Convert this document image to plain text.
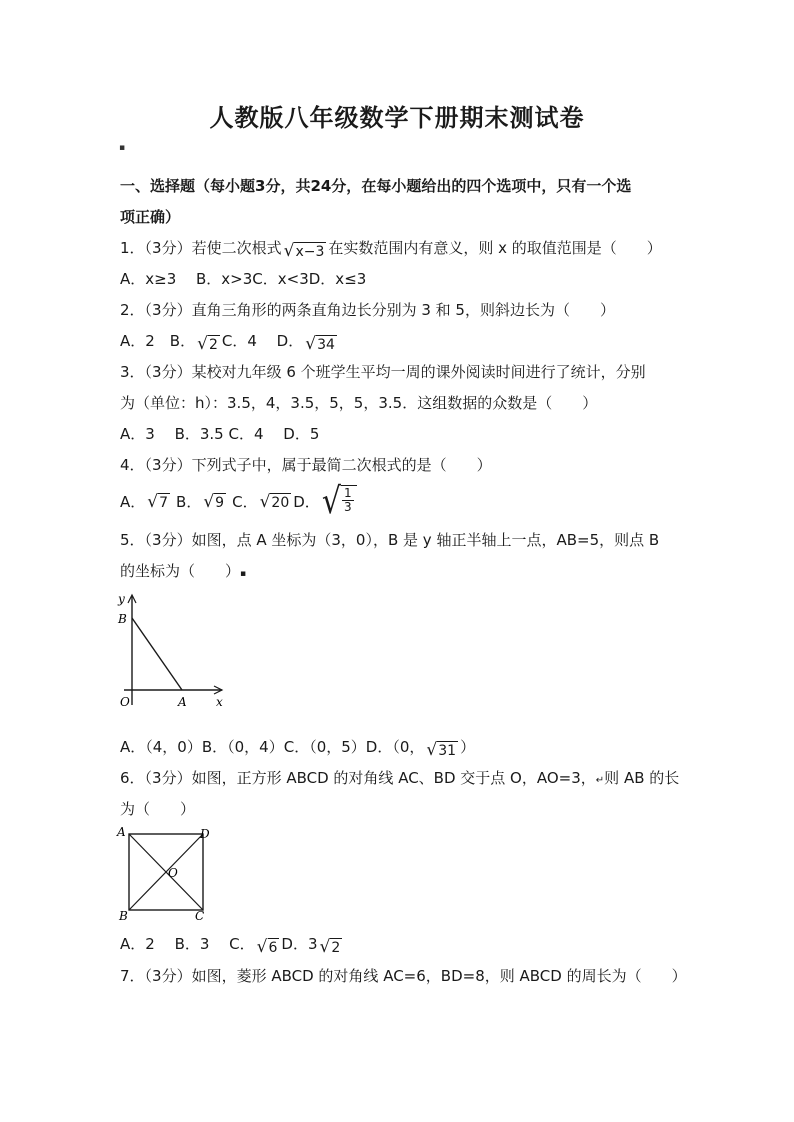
人教版八年级数学下册期末测试卷
▪
一、选择题（每小题3分，共24分，在每小题给出的四个选项中，只有一个选
项正确）
1．（3分）若使二次根式 √ x−3 在实数范围内有意义，则 x 的取值范围是（　　）
A．x≥3　 B．x>3C．x<3D．x≤3
2．（3分）直角三角形的两条直角边长分别为 3 和 5，则斜边长为（　　）
A．2　B． √ 2 C．4　 D． √ 34
3．（3分）某校对九年级 6 个班学生平均一周的课外阅读时间进行了统计，分别
为（单位：h）：3.5，4，3.5，5，5，3.5．这组数据的众数是（　　）
A．3　 B．3.5 C．4　 D．5
4．（3分）下列式子中，属于最简二次根式的是（　　）
A． √ 7 B． √ 9 C． √ 20 D． √ $\frac{1}{3}$
5．（3分）如图，点 A 坐标为（3，0），B 是 y 轴正半轴上一点，AB=5，则点 B
的坐标为（　　）▪
y
B
O	A x
A．（4，0）B．（0，4）C．（0，5）D．（0， √ 31 ）
6．（3分）如图，正方形 ABCD 的对角线 AC、BD 交于点 O，AO=3，↵则 AB 的长
为（　　）
A	D
O
B	C
A．2　 B．3　 C． √ 6 D．3 √ 2
7．（3分）如图，菱形 ABCD 的对角线 AC=6，BD=8，则 ABCD 的周长为（　　）
